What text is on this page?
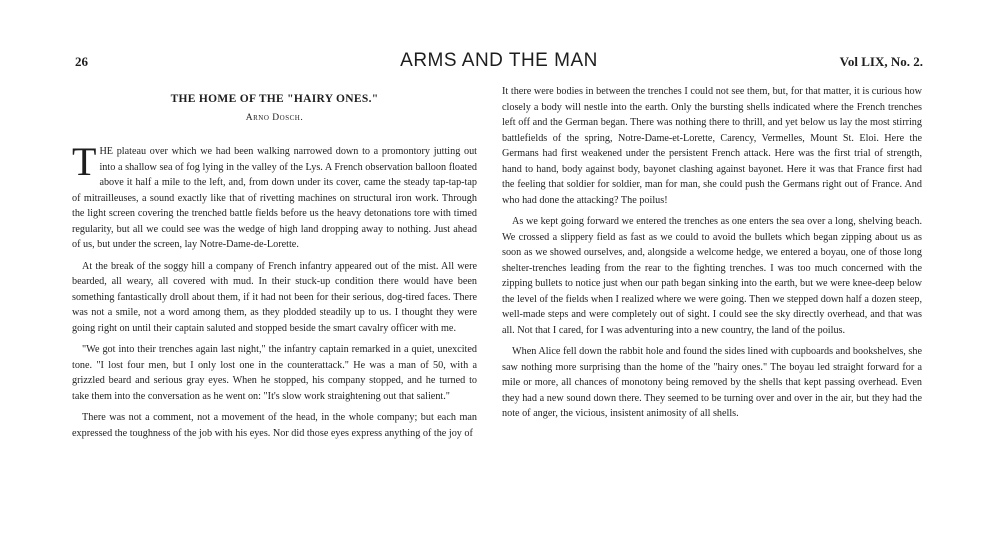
26	ARMS AND THE MAN	Vol LIX, No. 2.
THE HOME OF THE "HAIRY ONES."
Arno Dosch.

THE plateau over which we had been walking narrowed down to a promontory jutting out into a shallow sea of fog lying in the valley of the Lys. A French observation balloon floated above it half a mile to the left, and, from down under its cover, came the steady tap-tap-tap of mitrailleuses, a sound exactly like that of rivetting machines on structural iron work. Through the light screen covering the trenched battle fields before us the heavy detonations tore with timed regularity, but all we could see was the wedge of high land dropping away to nothing. Just ahead of us, but under the screen, lay Notre-Dame-de-Lorette.

At the break of the soggy hill a company of French infantry appeared out of the mist. All were bearded, all weary, all covered with mud. In their stuck-up condition there would have been something fantastically droll about them, if it had not been for their serious, dog-tired faces. There was not a smile, not a word among them, as they plodded steadily up to us. I thought they were going right on until their captain saluted and stopped beside the smart cavalry officer with me.

"We got into their trenches again last night," the infantry captain remarked in a quiet, unexcited tone. "I lost four men, but I only lost one in the counterattack." He was a man of 50, with a grizzled beard and serious gray eyes. When he stopped, his company stopped, and he turned to take them into the conversation as he went on: "It's slow work straightening out that salient."

There was not a comment, not a movement of the head, in the whole company; but each man expressed the toughness of the job with his eyes. Nor did those eyes express anything of the joy of

It there were bodies in between the trenches I could not see them, but, for that matter, it is curious how closely a body will nestle into the earth. Only the bursting shells indicated where the French trenches left off and the German began. There was nothing there to thrill, and yet below us lay the most stirring battlefields of the spring, Notre-Dame-et-Lorette, Carency, Vermelles, Mount St. Eloi. Here the Germans had first weakened under the persistent French attack. Here was the first trial of strength, hand to hand, body against body, bayonet clashing against bayonet. Here it was that France first had the feeling that soldier for soldier, man for man, she could push the Germans right out of France. And who had done the attacking? The poilus!

As we kept going forward we entered the trenches as one enters the sea over a long, shelving beach. We crossed a slippery field as fast as we could to avoid the bullets which began zipping about us as soon as we showed ourselves, and, alongside a welcome hedge, we entered a boyau, one of those long shelter-trenches leading from the rear to the fighting trenches. I was too much concerned with the zipping bullets to notice just when our path began sinking into the earth, but we were knee-deep below the level of the fields when I realized where we were going. Then we stepped down half a dozen steep, well-made steps and were completely out of sight. I could see the sky directly overhead, and that was all. Not that I cared, for I was adventuring into a new country, the land of the poilus.

When Alice fell down the rabbit hole and found the sides lined with cupboards and bookshelves, she saw nothing more surprising than the home of the "hairy ones." The boyau led straight forward for a mile or more, all chances of monotony being removed by the shells that kept passing overhead. Even they had a new sound down there. They seemed to be turning over and over in the air, but they had the note of anger, the vicious, insistent animosity of all shells.
